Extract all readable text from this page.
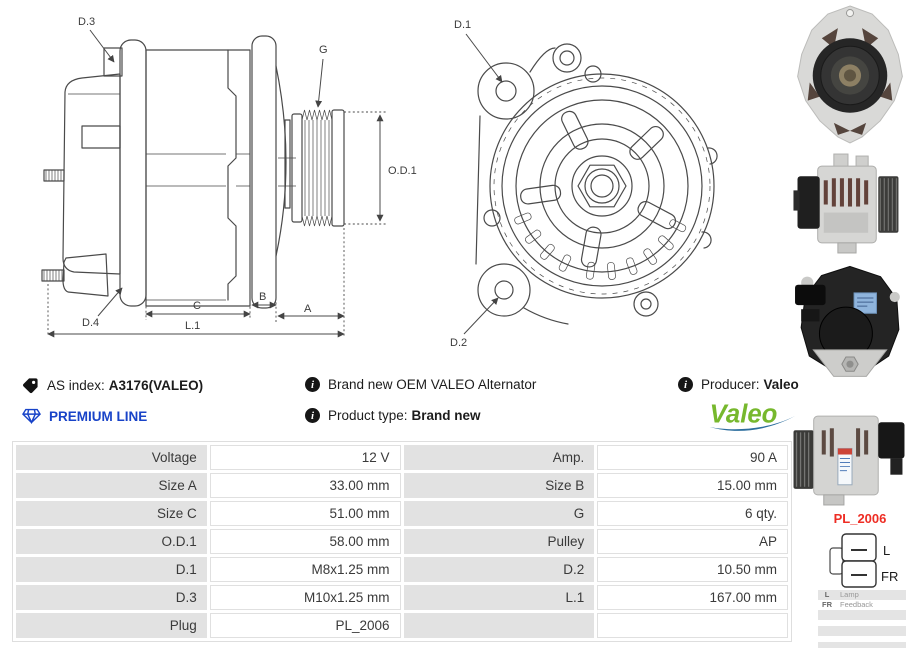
D.3
G
D.4
O.D.1
C
B
A
L.1
D.1
D.2
AS index: A3176(VALEO)
PREMIUM LINE
i	Brand new OEM VALEO Alternator
i	Product type: Brand new
i	Producer: Valeo
Valeo
Voltage	12 V	Amp.	90 A
Size A	33.00 mm	Size B	15.00 mm
Size C	51.00 mm	G	6 qty.
O.D.1	58.00 mm	Pulley	AP
D.1	M8x1.25 mm	D.2	10.50 mm
D.3	M10x1.25 mm	L.1	167.00 mm
Plug	PL_2006		
PL_2006
L
FR
L	Lamp
FR	Feedback
